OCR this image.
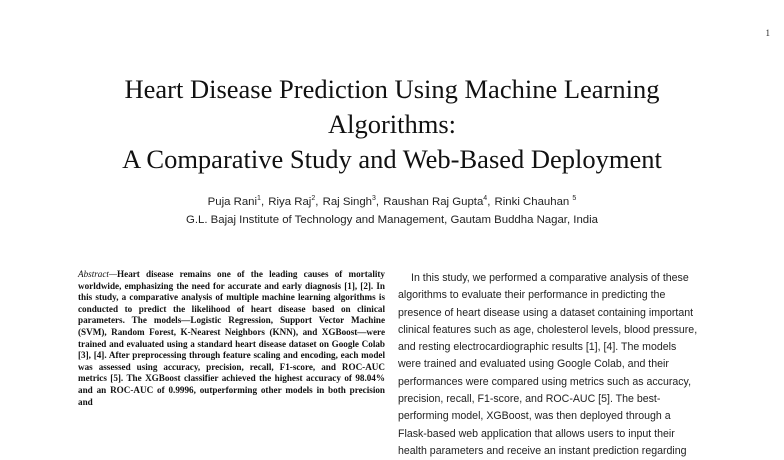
1
Heart Disease Prediction Using Machine Learning
Algorithms:
A Comparative Study and Web-Based Deployment
Puja Rani$^1$, Riya Raj$^2$, Raj Singh$^3$, Raushan Raj Gupta$^4$, Rinki Chauhan $^5$
G.L. Bajaj Institute of Technology and Management, Gautam Buddha Nagar, India

Abstract—Heart disease remains one of the leading causes of mortality worldwide, emphasizing the need for accurate and early diagnosis [1], [2]. In this study, a comparative analysis of multiple machine learning algorithms is conducted to predict the likelihood of heart disease based on clinical parameters. The models—Logistic Regression, Support Vector Machine (SVM), Random Forest, K-Nearest Neighbors (KNN), and XGBoost—were trained and evaluated using a standard heart disease dataset on Google Colab [3], [4]. After preprocessing through feature scaling and encoding, each model was assessed using accuracy, precision, recall, F1-score, and ROC-AUC metrics [5]. The XGBoost classifier achieved the highest accuracy of 98.04% and an ROC-AUC of 0.9996, outperforming other models in both precision and

In this study, we performed a comparative analysis of these
algorithms to evaluate their performance in predicting the
presence of heart disease using a dataset containing important
clinical features such as age, cholesterol levels, blood pressure,
and resting electrocardiographic results [1], [4]. The models
were trained and evaluated using Google Colab, and their
performances were compared using metrics such as accuracy,
precision, recall, F1-score, and ROC-AUC [5]. The best-
performing model, XGBoost, was then deployed through a
Flask-based web application that allows users to input their
health parameters and receive an instant prediction regarding
